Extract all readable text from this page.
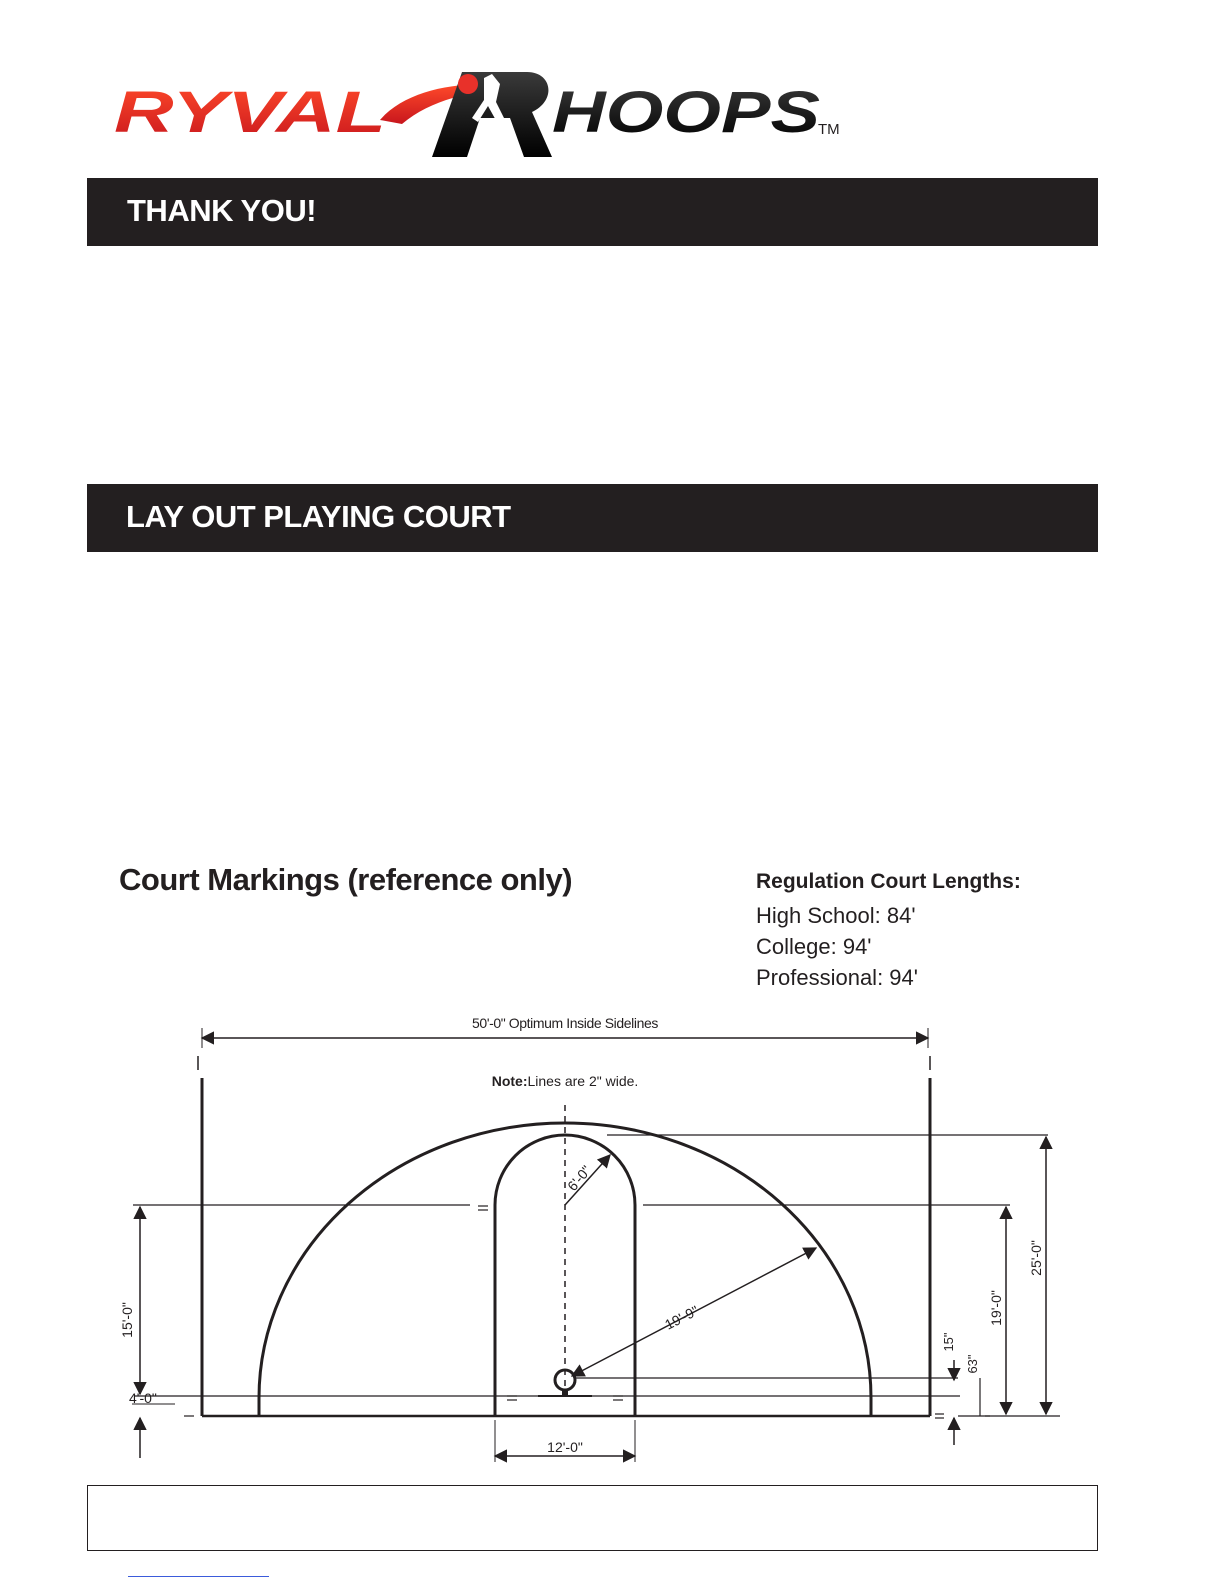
RYVAL	HOOPS
TM
THANK YOU!
LAY OUT PLAYING COURT
Court Markings (reference only)	Regulation Court Lengths:
High School: 84'
College: 94'
Professional: 94'
50'-0" Optimum Inside Sidelines
Note:Lines are 2" wide.
6'-0"
19'-9"
15'-0"
4'-0"
12'-0"
15"
63"
19'-0"
25'-0"
